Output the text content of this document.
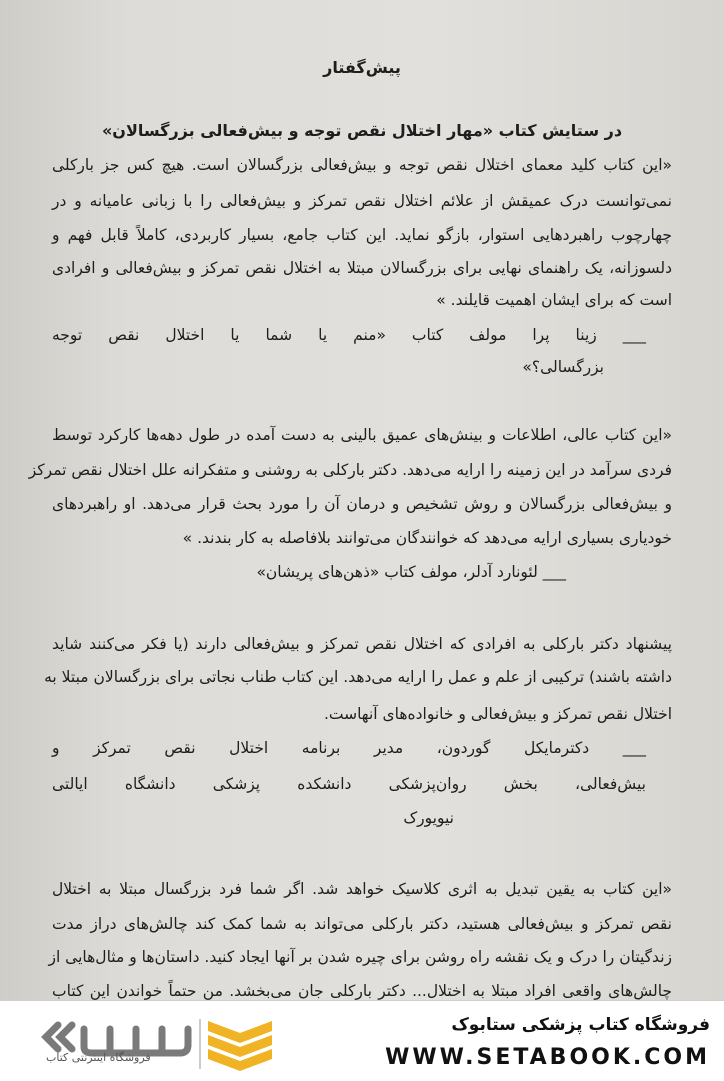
پیش‌گفتار
در ستایش کتاب «مهار اختلال نقص توجه و بیش‌فعالی بزرگسالان»
«این کتاب کلید معمای اختلال نقص توجه و بیش‌فعالی بزرگسالان است. هیچ کس جز بارکلی
نمی‌توانست درک عمیقش از علائم اختلال نقص تمرکز و بیش‌فعالی را با زبانی عامیانه و در
چهارچوب راهبردهایی استوار، بازگو نماید. این کتاب جامع، بسیار کاربردی، کاملاً قابل فهم و
دلسوزانه، یک راهنمای نهایی برای بزرگسالان مبتلا به اختلال نقص تمرکز و بیش‌فعالی و افرادی
است که برای ایشان اهمیت قایلند. »
___ زینا پرا مولف کتاب «منم یا شما یا اختلال نقص توجه
بزرگسالی؟»
«این کتاب عالی، اطلاعات و بینش‌های عمیق بالینی به دست آمده در طول دهه‌ها کارکرد توسط
فردی سرآمد در این زمینه را ارایه می‌دهد. دکتر بارکلی به روشنی و متفکرانه علل اختلال نقص تمرکز
و بیش‌فعالی بزرگسالان و روش تشخیص و درمان آن را مورد بحث قرار می‌دهد. او راهبردهای
خودیاری بسیاری ارایه می‌دهد که خوانندگان می‌توانند بلافاصله به کار بندند. »
___ لئونارد آدلر، مولف کتاب «ذهن‌های پریشان»
پیشنهاد دکتر بارکلی به افرادی که اختلال نقص تمرکز و بیش‌فعالی دارند (یا فکر می‌کنند شاید
داشته باشند) ترکیبی از علم و عمل را ارایه می‌دهد. این کتاب طناب نجاتی برای بزرگسالان مبتلا به
اختلال نقص تمرکز و بیش‌فعالی و خانواده‌های آنهاست.
___ دکترمایکل گوردون، مدیر برنامه اختلال نقص تمرکز و
بیش‌فعالی، بخش روان‌پزشکی دانشکده پزشکی دانشگاه ایالتی
نیویورک
«این کتاب به یقین تبدیل به اثری کلاسیک خواهد شد. اگر شما فرد بزرگسال مبتلا به اختلال
نقص تمرکز و بیش‌فعالی هستید، دکتر بارکلی می‌تواند به شما کمک کند چالش‌های دراز مدت
زندگیتان را درک و یک نقشه راه روشن برای چیره شدن بر آنها ایجاد کنید. داستان‌ها و مثال‌هایی از
چالش‌های واقعی افراد مبتلا به اختلال... دکتر بارکلی جان می‌بخشد. من حتماً خواندن این کتاب
فروشگاه اینترنتی کتاب
فروشگاه کتاب پزشکی ستابوک
WWW.SETABOOK.COM
